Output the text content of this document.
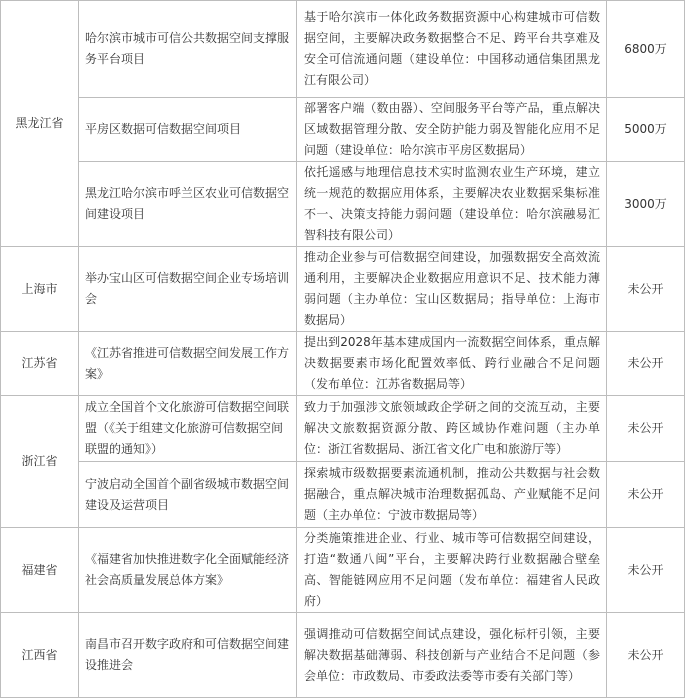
黑龙江省	哈尔滨市城市可信公共数据空间支撑服务平台项目	基于哈尔滨市一体化政务数据资源中心构建城市可信数据空间，主要解决政务数据整合不足、跨平台共享难及安全可信流通问题（建设单位：中国移动通信集团黑龙江有限公司）	6800万
	平房区数据可信数据空间项目	部署客户端（数由器）、空间服务平台等产品，重点解决区域数据管理分散、安全防护能力弱及智能化应用不足问题（建设单位：哈尔滨市平房区数据局）	5000万
	黑龙江哈尔滨市呼兰区农业可信数据空间建设项目	依托遥感与地理信息技术实时监测农业生产环境，建立统一规范的数据应用体系，主要解决农业数据采集标准不一、决策支持能力弱问题（建设单位：哈尔滨融易汇智科技有限公司）	3000万
上海市	举办宝山区可信数据空间企业专场培训会	推动企业参与可信数据空间建设，加强数据安全高效流通利用，主要解决企业数据应用意识不足、技术能力薄弱问题（主办单位：宝山区数据局；指导单位：上海市数据局）	未公开
江苏省	《江苏省推进可信数据空间发展工作方案》	提出到2028年基本建成国内一流数据空间体系，重点解决数据要素市场化配置效率低、跨行业融合不足问题（发布单位：江苏省数据局等）	未公开
浙江省	成立全国首个文化旅游可信数据空间联盟（《关于组建文化旅游可信数据空间联盟的通知》）	致力于加强涉文旅领域政企学研之间的交流互动，主要解决文旅数据资源分散、跨区域协作难问题（主办单位：浙江省数据局、浙江省文化广电和旅游厅等）	未公开
	宁波启动全国首个副省级城市数据空间建设及运营项目	探索城市级数据要素流通机制，推动公共数据与社会数据融合，重点解决城市治理数据孤岛、产业赋能不足问题（主办单位：宁波市数据局等）	未公开
福建省	《福建省加快推进数字化全面赋能经济社会高质量发展总体方案》	分类施策推进企业、行业、城市等可信数据空间建设，打造“数通八闽”平台，主要解决跨行业数据融合壁垒高、智能链网应用不足问题（发布单位：福建省人民政府）	未公开
江西省	南昌市召开数字政府和可信数据空间建设推进会	强调推动可信数据空间试点建设，强化标杆引领，主要解决数据基础薄弱、科技创新与产业结合不足问题（参会单位：市政数局、市委政法委等市委有关部门等）	未公开
